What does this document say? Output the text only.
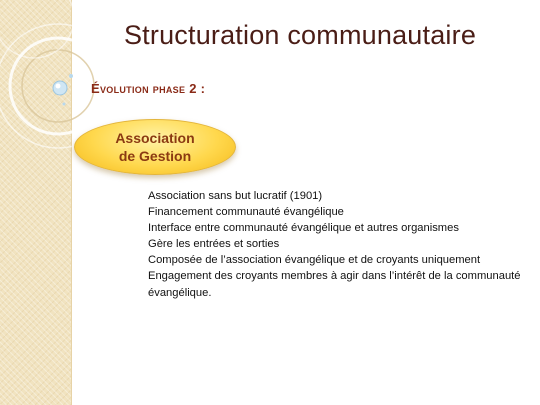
Structuration communautaire
Évolution phase 2 :
Association
de Gestion
Association sans but lucratif (1901)
Financement communauté évangélique
Interface entre communauté évangélique et autres organismes
Gère les entrées et sorties
Composée de l’association évangélique et de croyants uniquement
Engagement des croyants membres à agir dans l’intérêt de la communauté évangélique.
